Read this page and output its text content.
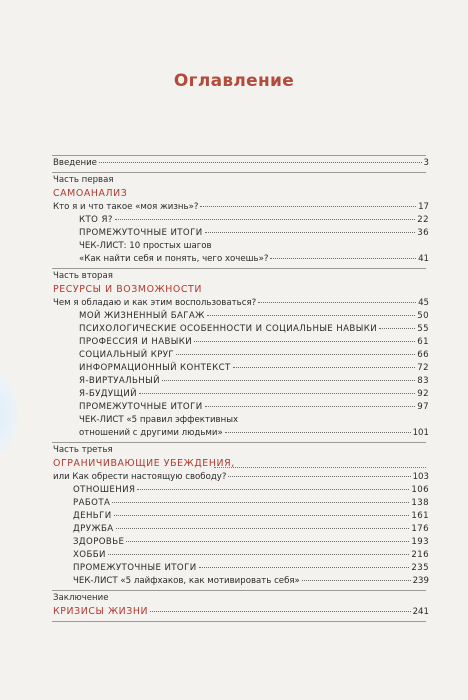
Оглавление
Введение	3
Часть первая
САМОАНАЛИЗ
Кто я и что такое «моя жизнь»?	17
КТО Я?	22
ПРОМЕЖУТОЧНЫЕ ИТОГИ	36
ЧЕК-ЛИСТ: 10 простых шагов
«Как найти себя и понять, чего хочешь»?	41
Часть вторая
РЕСУРСЫ И ВОЗМОЖНОСТИ
Чем я обладаю и как этим воспользоваться?	45
МОЙ ЖИЗНЕННЫЙ БАГАЖ	50
ПСИХОЛОГИЧЕСКИЕ ОСОБЕННОСТИ И СОЦИАЛЬНЫЕ НАВЫКИ	55
ПРОФЕССИЯ И НАВЫКИ	61
СОЦИАЛЬНЫЙ КРУГ	66
ИНФОРМАЦИОННЫЙ КОНТЕКСТ	72
Я-ВИРТУАЛЬНЫЙ	83
Я-БУДУЩИЙ	92
ПРОМЕЖУТОЧНЫЕ ИТОГИ	97
ЧЕК-ЛИСТ «5 правил эффективных
отношений с другими людьми»	101
Часть третья
ОГРАНИЧИВАЮЩИЕ УБЕЖДЕНИЯ,
или Как обрести настоящую свободу?	103
ОТНОШЕНИЯ	106
РАБОТА	138
ДЕНЬГИ	161
ДРУЖБА	176
ЗДОРОВЬЕ	193
ХОББИ	216
ПРОМЕЖУТОЧНЫЕ ИТОГИ	235
ЧЕК-ЛИСТ «5 лайфхаков, как мотивировать себя»	239
Заключение
КРИЗИСЫ ЖИЗНИ	241
